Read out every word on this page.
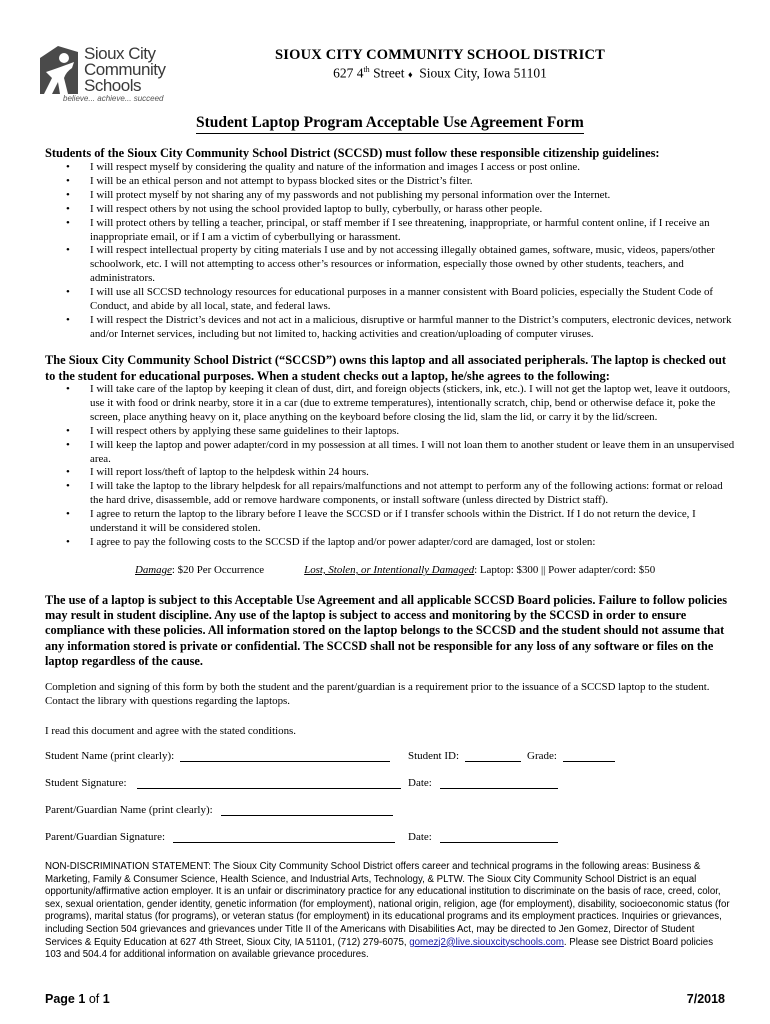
Sioux City
Community
Schools
believe... achieve... succeed
SIOUX CITY COMMUNITY SCHOOL DISTRICT
627 4th Street ♦ Sioux City, Iowa 51101
Student Laptop Program Acceptable Use Agreement Form
Students of the Sioux City Community School District (SCCSD) must follow these responsible citizenship guidelines:
• I will respect myself by considering the quality and nature of the information and images I access or post online.
• I will be an ethical person and not attempt to bypass blocked sites or the District’s filter.
• I will protect myself by not sharing any of my passwords and not publishing my personal information over the Internet.
• I will respect others by not using the school provided laptop to bully, cyberbully, or harass other people.
• I will protect others by telling a teacher, principal, or staff member if I see threatening, inappropriate, or harmful content online, if I receive an inappropriate email, or if I am a victim of cyberbullying or harassment.
• I will respect intellectual property by citing materials I use and by not accessing illegally obtained games, software, music, videos, papers/other schoolwork, etc. I will not attempting to access other’s resources or information, especially those owned by other students, teachers, and administrators.
• I will use all SCCSD technology resources for educational purposes in a manner consistent with Board policies, especially the Student Code of Conduct, and abide by all local, state, and federal laws.
• I will respect the District’s devices and not act in a malicious, disruptive or harmful manner to the District’s computers, electronic devices, network and/or Internet services, including but not limited to, hacking activities and creation/uploading of computer viruses.
The Sioux City Community School District (“SCCSD”) owns this laptop and all associated peripherals. The laptop is checked out to the student for educational purposes. When a student checks out a laptop, he/she agrees to the following:
• I will take care of the laptop by keeping it clean of dust, dirt, and foreign objects (stickers, ink, etc.). I will not get the laptop wet, leave it outdoors, use it with food or drink nearby, store it in a car (due to extreme temperatures), intentionally scratch, chip, bend or otherwise deface it, poke the screen, place anything heavy on it, place anything on the keyboard before closing the lid, slam the lid, or carry it by the lid/screen.
• I will respect others by applying these same guidelines to their laptops.
• I will keep the laptop and power adapter/cord in my possession at all times. I will not loan them to another student or leave them in an unsupervised area.
• I will report loss/theft of laptop to the helpdesk within 24 hours.
• I will take the laptop to the library helpdesk for all repairs/malfunctions and not attempt to perform any of the following actions: format or reload the hard drive, disassemble, add or remove hardware components, or install software (unless directed by District staff).
• I agree to return the laptop to the library before I leave the SCCSD or if I transfer schools within the District. If I do not return the device, I understand it will be considered stolen.
• I agree to pay the following costs to the SCCSD if the laptop and/or power adapter/cord are damaged, lost or stolen:
Damage: $20 Per Occurrence	Lost, Stolen, or Intentionally Damaged: Laptop: $300 || Power adapter/cord: $50
The use of a laptop is subject to this Acceptable Use Agreement and all applicable SCCSD Board policies. Failure to follow policies may result in student discipline. Any use of the laptop is subject to access and monitoring by the SCCSD in order to ensure compliance with these policies. All information stored on the laptop belongs to the SCCSD and the student should not assume that any information stored is private or confidential. The SCCSD shall not be responsible for any loss of any software or files on the laptop regardless of the cause.
Completion and signing of this form by both the student and the parent/guardian is a requirement prior to the issuance of a SCCSD laptop to the student. Contact the library with questions regarding the laptops.
I read this document and agree with the stated conditions.
Student Name (print clearly):	Student ID:	Grade:
Student Signature:	Date:
Parent/Guardian Name (print clearly):
Parent/Guardian Signature:	Date:
NON-DISCRIMINATION STATEMENT: The Sioux City Community School District offers career and technical programs in the following areas: Business & Marketing, Family & Consumer Science, Health Science, and Industrial Arts, Technology, & PLTW. The Sioux City Community School District is an equal opportunity/affirmative action employer. It is an unfair or discriminatory practice for any educational institution to discriminate on the basis of race, creed, color, sex, sexual orientation, gender identity, genetic information (for employment), national origin, religion, age (for employment), disability, socioeconomic status (for programs), marital status (for programs), or veteran status (for employment) in its educational programs and its employment practices. Inquiries or grievances, including Section 504 grievances and grievances under Title II of the Americans with Disabilities Act, may be directed to Jen Gomez, Director of Student Services & Equity Education at 627 4th Street, Sioux City, IA 51101, (712) 279-6075, gomezj2@live.siouxcityschools.com. Please see District Board policies 103 and 504.4 for additional information on available grievance procedures.
Page 1 of 1	7/2018
